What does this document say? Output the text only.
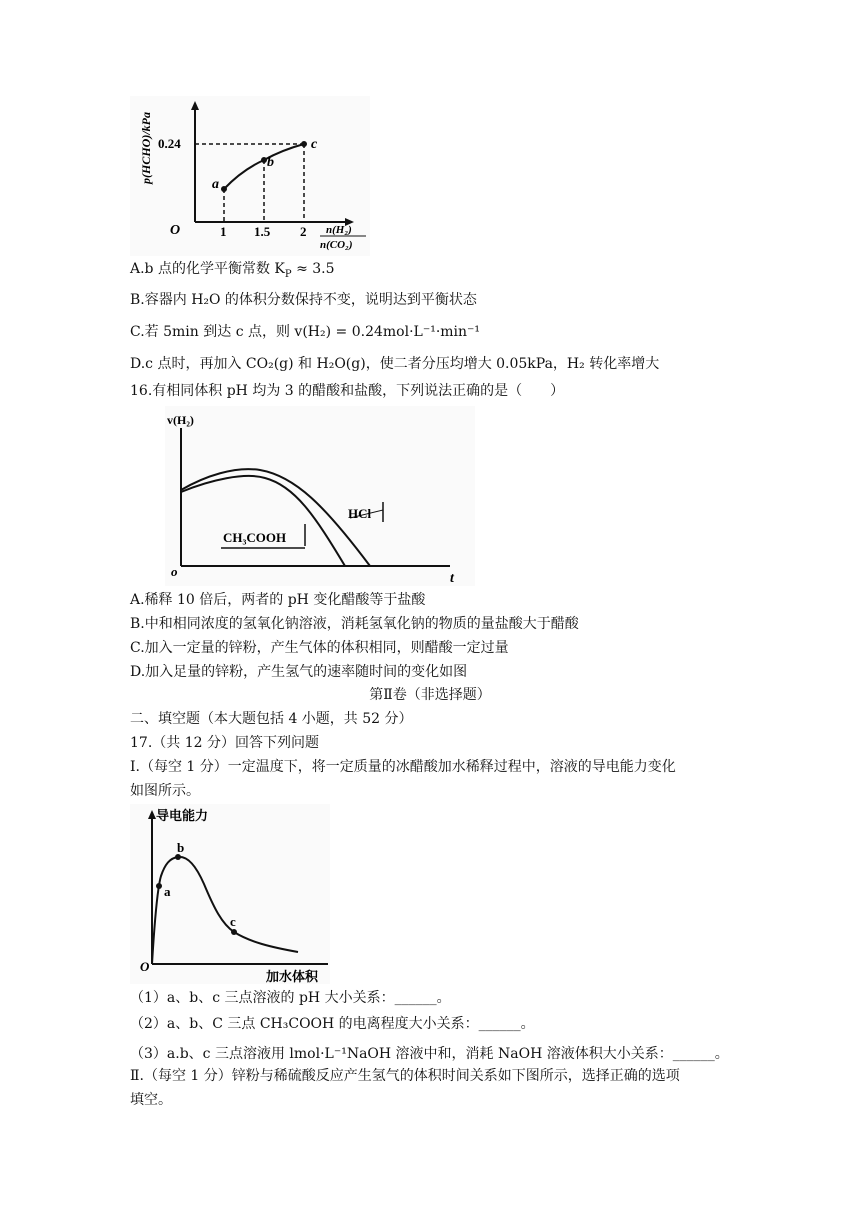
p(HCHO)/kPa 0.24
a
b
c
O	1 1.5 2 n(H₂)
n(CO₂)
A.b 点的化学平衡常数 $K_P \approx 3.5$
B.容器内 H₂O 的体积分数保持不变，说明达到平衡状态
C.若 5min 到达 c 点，则 v(H₂) = 0.24mol·L⁻¹·min⁻¹
D.c 点时，再加入 CO₂(g) 和 H₂O(g)，使二者分压均增大 0.05kPa，H₂ 转化率增大
16.有相同体积 pH 均为 3 的醋酸和盐酸，下列说法正确的是（　　）
v(H₂)
o	t
HCl
CH₃COOH
A.稀释 10 倍后，两者的 pH 变化醋酸等于盐酸
B.中和相同浓度的氢氧化钠溶液，消耗氢氧化钠的物质的量盐酸大于醋酸
C.加入一定量的锌粉，产生气体的体积相同，则醋酸一定过量
D.加入足量的锌粉，产生氢气的速率随时间的变化如图
第Ⅱ卷（非选择题）
二、填空题（本大题包括 4 小题，共 52 分）
17.（共 12 分）回答下列问题
Ⅰ.（每空 1 分）一定温度下，将一定质量的冰醋酸加水稀释过程中，溶液的导电能力变化
如图所示。
导电能力
O
加水体积
a
b
c
（1）a、b、c 三点溶液的 pH 大小关系：______。
（2）a、b、C 三点 CH₃COOH 的电离程度大小关系：______。
（3）a.b、c 三点溶液用 lmol·L⁻¹NaOH 溶液中和，消耗 NaOH 溶液体积大小关系：______。
Ⅱ.（每空 1 分）锌粉与稀硫酸反应产生氢气的体积时间关系如下图所示，选择正确的选项
填空。
